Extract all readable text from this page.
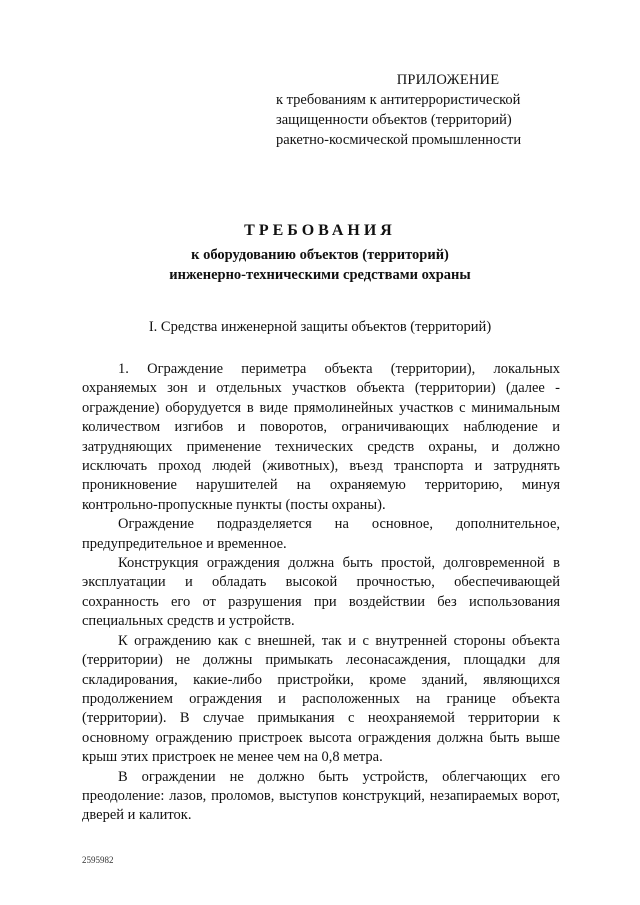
ПРИЛОЖЕНИЕ
к требованиям к антитеррористической
защищенности объектов (территорий)
ракетно-космической промышленности
ТРЕБОВАНИЯ
к оборудованию объектов (территорий)
инженерно-техническими средствами охраны
I. Средства инженерной защиты объектов (территорий)

1. Ограждение периметра объекта (территории), локальных охраняемых зон и отдельных участков объекта (территории) (далее - ограждение) оборудуется в виде прямолинейных участков с минимальным количеством изгибов и поворотов, ограничивающих наблюдение и затрудняющих применение технических средств охраны, и должно исключать проход людей (животных), въезд транспорта и затруднять проникновение нарушителей на охраняемую территорию, минуя контрольно-пропускные пункты (посты охраны).

Ограждение подразделяется на основное, дополнительное, предупредительное и временное.

Конструкция ограждения должна быть простой, долговременной в эксплуатации и обладать высокой прочностью, обеспечивающей сохранность его от разрушения при воздействии без использования специальных средств и устройств.

К ограждению как с внешней, так и с внутренней стороны объекта (территории) не должны примыкать лесонасаждения, площадки для складирования, какие-либо пристройки, кроме зданий, являющихся продолжением ограждения и расположенных на границе объекта (территории). В случае примыкания с неохраняемой территории к основному ограждению пристроек высота ограждения должна быть выше крыш этих пристроек не менее чем на 0,8 метра.

В ограждении не должно быть устройств, облегчающих его преодоление: лазов, проломов, выступов конструкций, незапираемых ворот, дверей и калиток.

2595982
